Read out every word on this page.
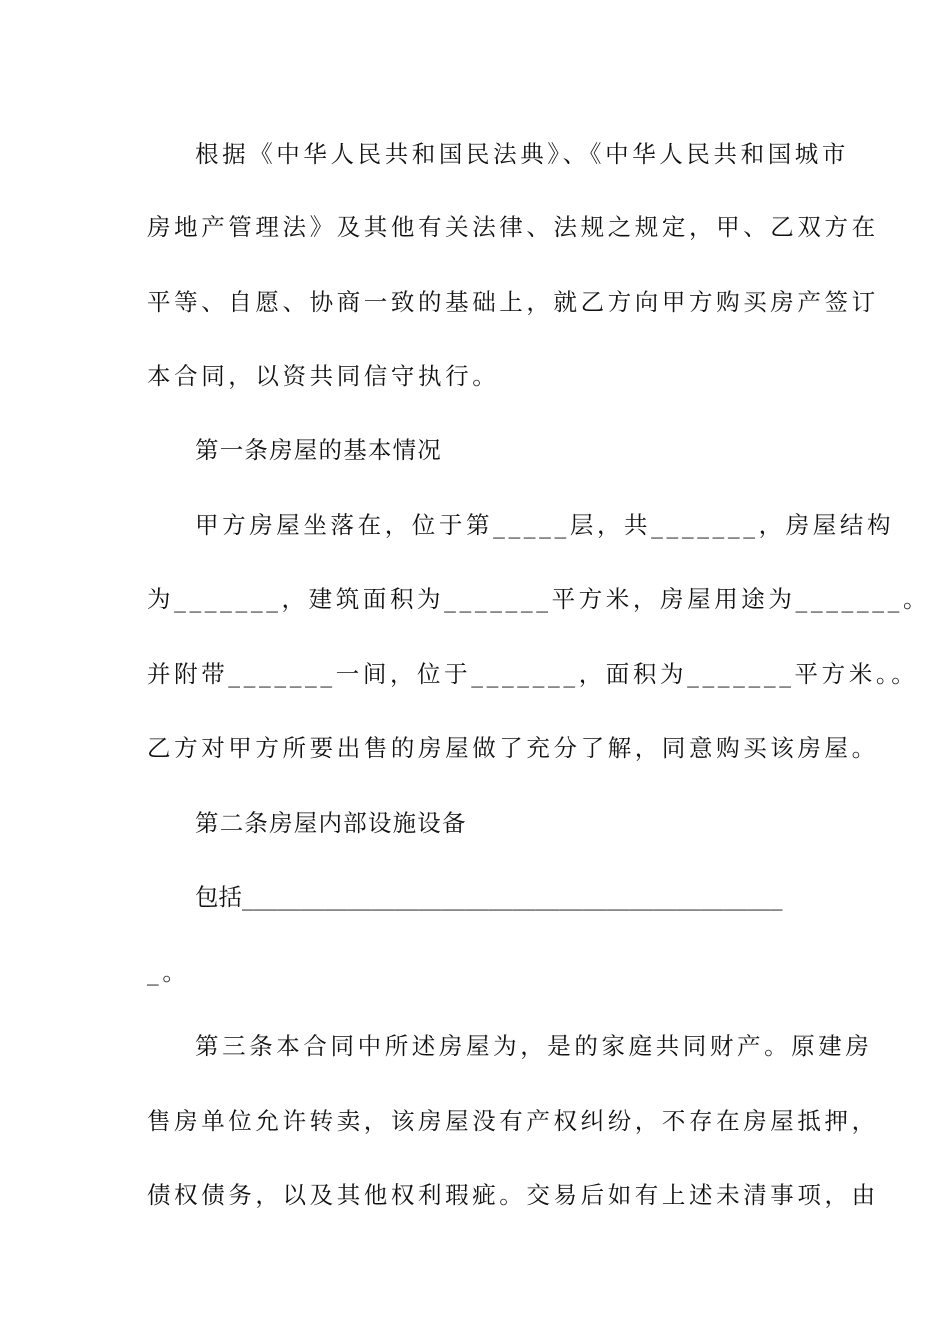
根据《中华人民共和国民法典》、《中华人民共和国城市
房地产管理法》及其他有关法律、法规之规定，甲、乙双方在
平等、自愿、协商一致的基础上，就乙方向甲方购买房产签订
本合同，以资共同信守执行。
第一条房屋的基本情况
甲方房屋坐落在，位于第_____层，共_______，房屋结构
为_______，建筑面积为_______平方米，房屋用途为_______。
并附带_______一间，位于_______，面积为_______平方米。。
乙方对甲方所要出售的房屋做了充分了解，同意购买该房屋。
第二条房屋内部设施设备
包括______________________________________________
_。
第三条本合同中所述房屋为，是的家庭共同财产。原建房
售房单位允许转卖，该房屋没有产权纠纷，不存在房屋抵押，
债权债务，以及其他权利瑕疵。交易后如有上述未清事项，由
